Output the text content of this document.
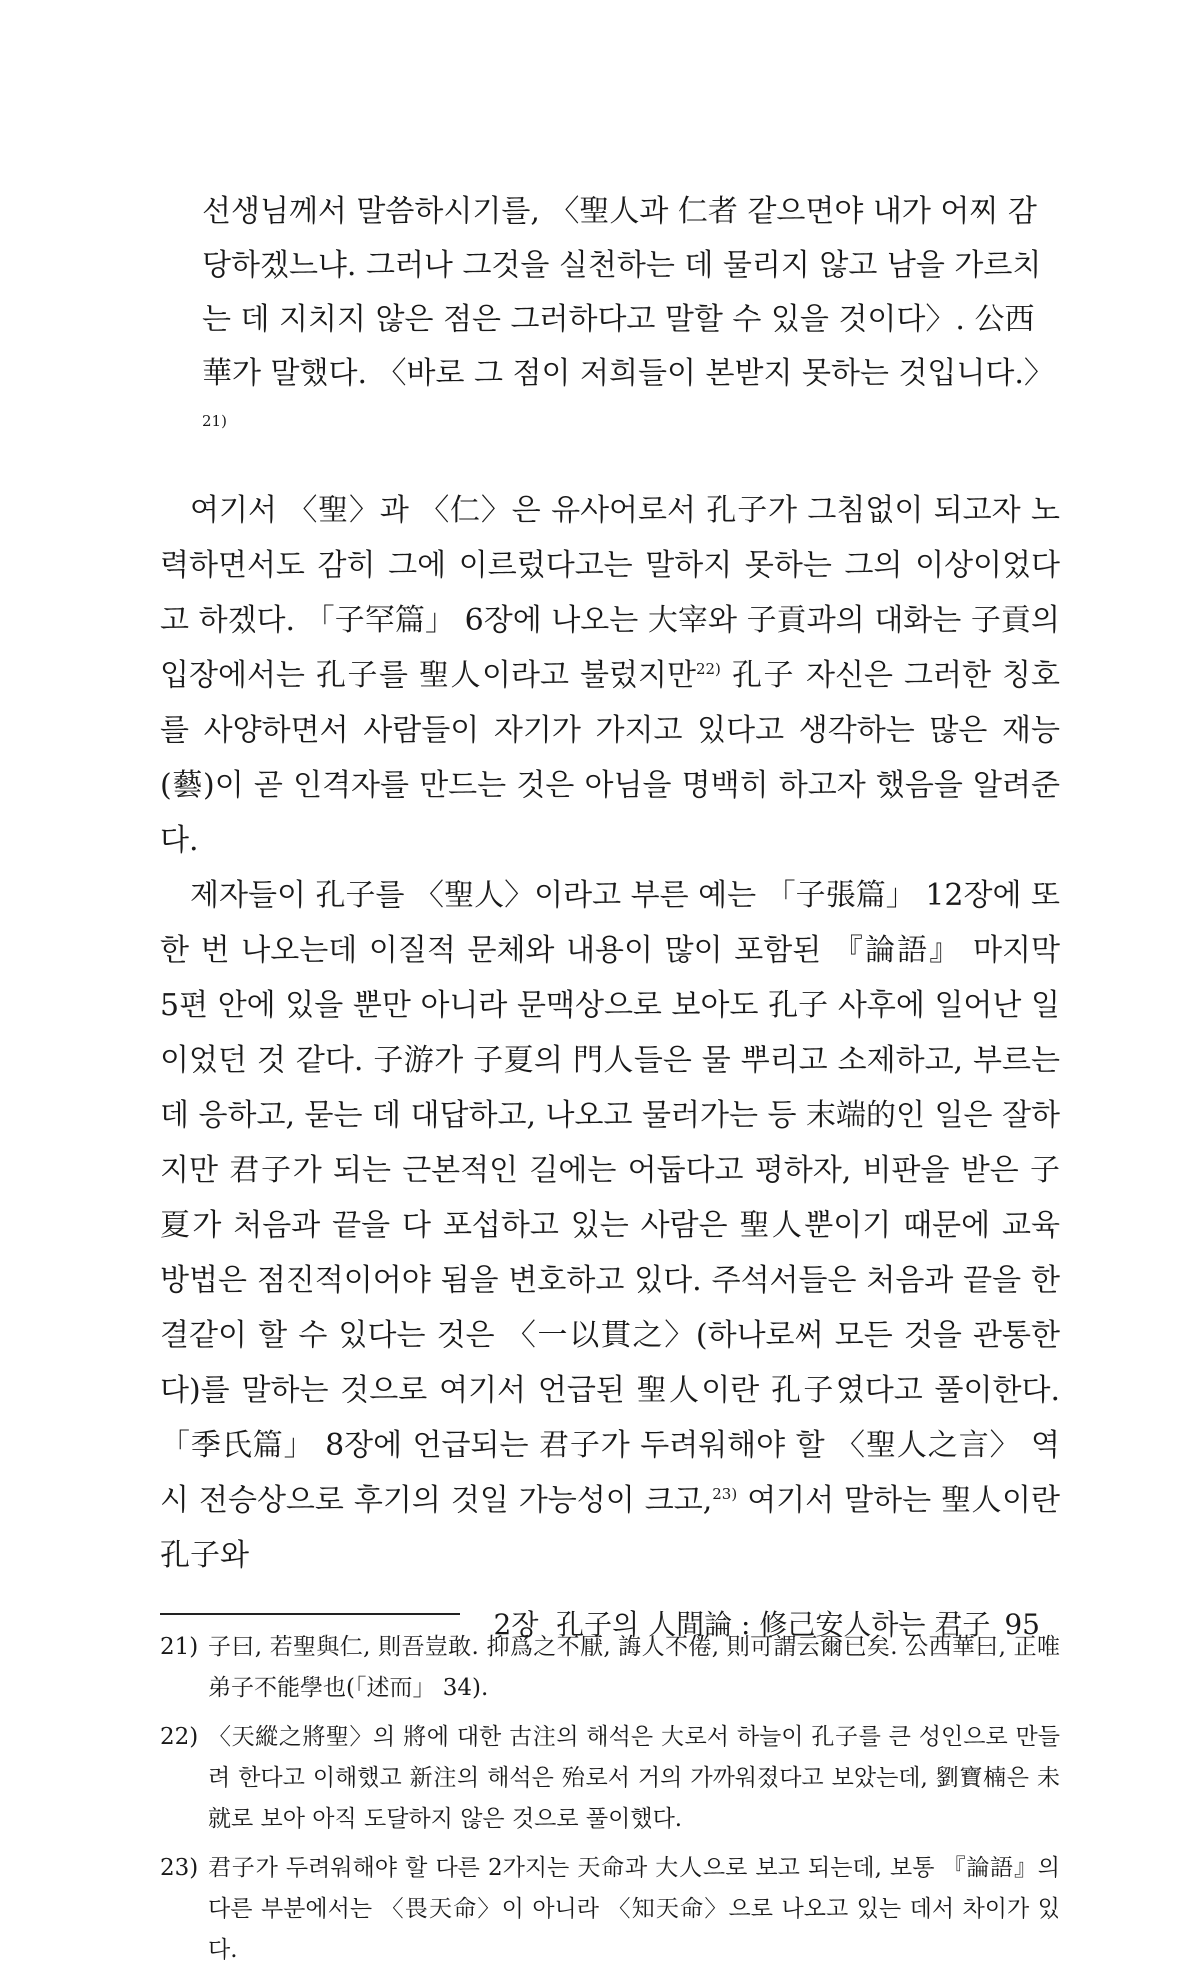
선생님께서 말씀하시기를, 〈聖人과 仁者 같으면야 내가 어찌 감당하겠느냐. 그러나 그것을 실천하는 데 물리지 않고 남을 가르치는 데 지치지 않은 점은 그러하다고 말할 수 있을 것이다〉. 公西華가 말했다. 〈바로 그 점이 저희들이 본받지 못하는 것입니다.〉$^{21)}$

여기서 〈聖〉과 〈仁〉은 유사어로서 孔子가 그침없이 되고자 노력하면서도 감히 그에 이르렀다고는 말하지 못하는 그의 이상이었다고 하겠다. 「子罕篇」 6장에 나오는 大宰와 子貢과의 대화는 子貢의 입장에서는 孔子를 聖人이라고 불렀지만$^{22)}$ 孔子 자신은 그러한 칭호를 사양하면서 사람들이 자기가 가지고 있다고 생각하는 많은 재능(藝)이 곧 인격자를 만드는 것은 아님을 명백히 하고자 했음을 알려준다.

제자들이 孔子를 〈聖人〉이라고 부른 예는 「子張篇」 12장에 또 한 번 나오는데 이질적 문체와 내용이 많이 포함된 『論語』 마지막 5편 안에 있을 뿐만 아니라 문맥상으로 보아도 孔子 사후에 일어난 일이었던 것 같다. 子游가 子夏의 門人들은 물 뿌리고 소제하고, 부르는 데 응하고, 묻는 데 대답하고, 나오고 물러가는 등 末端的인 일은 잘하지만 君子가 되는 근본적인 길에는 어둡다고 평하자, 비판을 받은 子夏가 처음과 끝을 다 포섭하고 있는 사람은 聖人뿐이기 때문에 교육방법은 점진적이어야 됨을 변호하고 있다. 주석서들은 처음과 끝을 한결같이 할 수 있다는 것은 〈一以貫之〉(하나로써 모든 것을 관통한다)를 말하는 것으로 여기서 언급된 聖人이란 孔子였다고 풀이한다. 「季氏篇」 8장에 언급되는 君子가 두려워해야 할 〈聖人之言〉 역시 전승상으로 후기의 것일 가능성이 크고,$^{23)}$ 여기서 말하는 聖人이란 孔子와

21) 子曰, 若聖與仁, 則吾豈敢. 抑爲之不厭, 誨人不倦, 則可謂云爾已矣. 公西華曰, 正唯弟子不能學也(「述而」 34).
22) 〈天縱之將聖〉의 將에 대한 古注의 해석은 大로서 하늘이 孔子를 큰 성인으로 만들려 한다고 이해했고 新注의 해석은 殆로서 거의 가까워졌다고 보았는데, 劉寶楠은 未就로 보아 아직 도달하지 않은 것으로 풀이했다.
23) 君子가 두려워해야 할 다른 2가지는 天命과 大人으로 보고 되는데, 보통 『論語』의 다른 부분에서는 〈畏天命〉이 아니라 〈知天命〉으로 나오고 있는 데서 차이가 있다.
2장  孔子의 人間論 : 修己安人하는 君子 95
